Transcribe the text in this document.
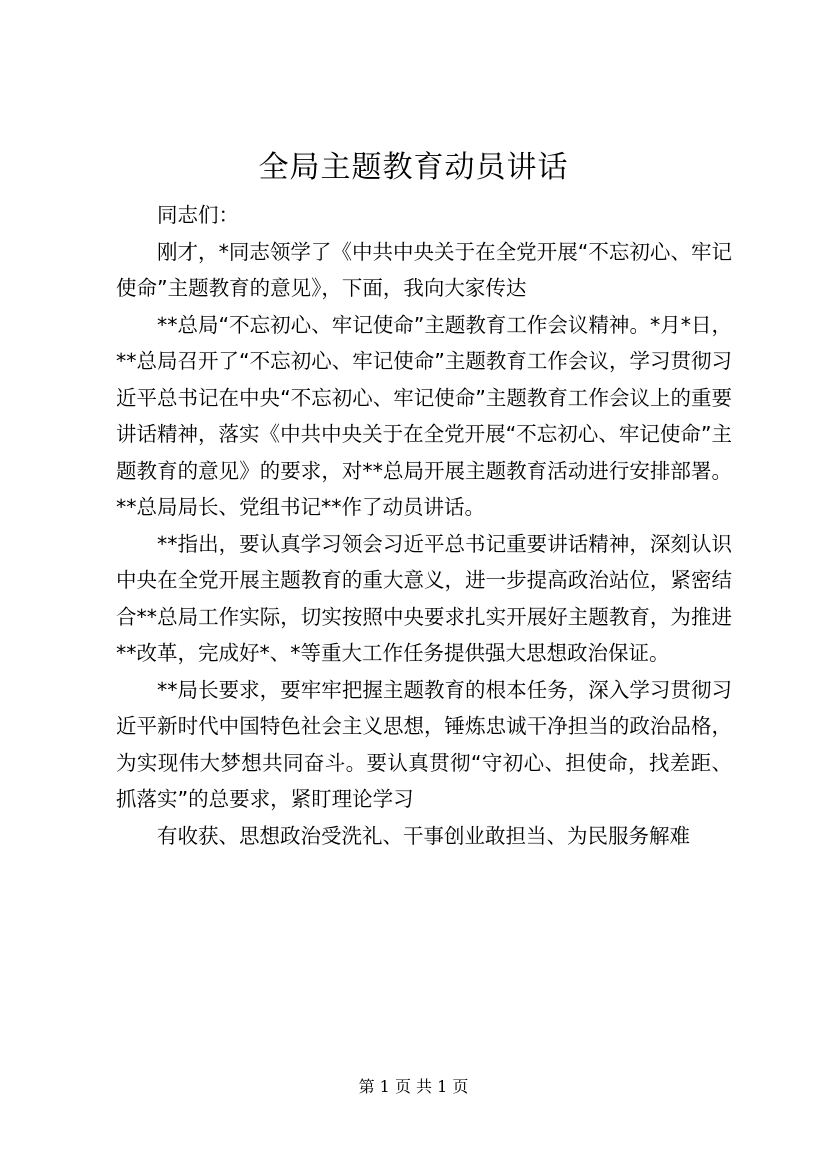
全局主题教育动员讲话

同志们：

刚才，*同志领学了《中共中央关于在全党开展“不忘初心、牢记使命”主题教育的意见》，下面，我向大家传达

**总局“不忘初心、牢记使命”主题教育工作会议精神。*月*日，**总局召开了“不忘初心、牢记使命”主题教育工作会议，学习贯彻习近平总书记在中央“不忘初心、牢记使命”主题教育工作会议上的重要讲话精神，落实《中共中央关于在全党开展“不忘初心、牢记使命”主题教育的意见》的要求，对**总局开展主题教育活动进行安排部署。**总局局长、党组书记**作了动员讲话。

**指出，要认真学习领会习近平总书记重要讲话精神，深刻认识中央在全党开展主题教育的重大意义，进一步提高政治站位，紧密结合**总局工作实际，切实按照中央要求扎实开展好主题教育，为推进**改革，完成好*、*等重大工作任务提供强大思想政治保证。

**局长要求，要牢牢把握主题教育的根本任务，深入学习贯彻习近平新时代中国特色社会主义思想，锤炼忠诚干净担当的政治品格，为实现伟大梦想共同奋斗。要认真贯彻“守初心、担使命，找差距、抓落实”的总要求，紧盯理论学习

有收获、思想政治受洗礼、干事创业敢担当、为民服务解难

第 1 页 共 1 页
